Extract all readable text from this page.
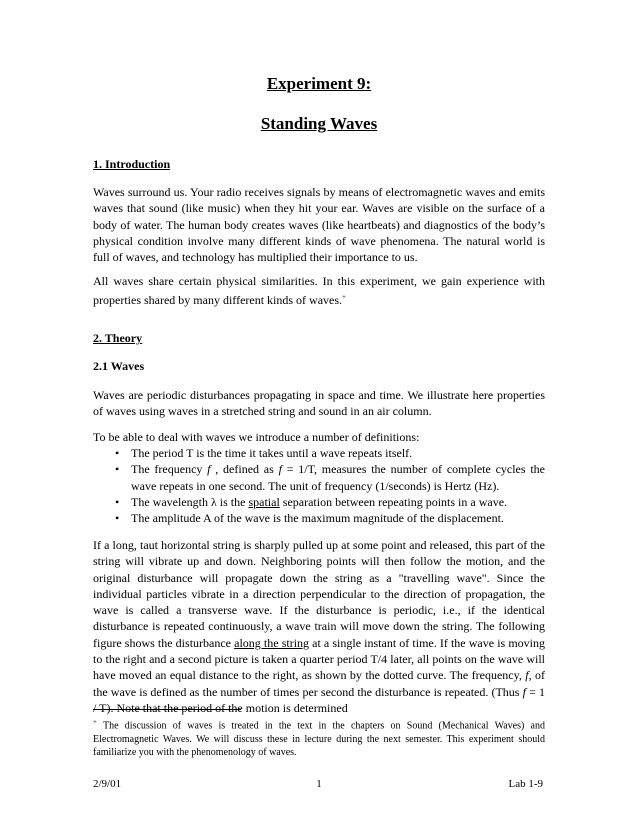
Experiment 9:
Standing Waves
1. Introduction

Waves surround us. Your radio receives signals by means of electromagnetic waves and emits waves that sound (like music) when they hit your ear. Waves are visible on the surface of a body of water. The human body creates waves (like heartbeats) and diagnostics of the body’s physical condition involve many different kinds of wave phenomena. The natural world is full of waves, and technology has multiplied their importance to us.

All waves share certain physical similarities. In this experiment, we gain experience with properties shared by many different kinds of waves.+

2. Theory
2.1 Waves

Waves are periodic disturbances propagating in space and time. We illustrate here properties of waves using waves in a stretched string and sound in an air column.

To be able to deal with waves we introduce a number of definitions:

• The period T is the time it takes until a wave repeats itself.
• The frequency f , defined as f = 1/T, measures the number of complete cycles the wave repeats in one second. The unit of frequency (1/seconds) is Hertz (Hz).
• The wavelength λ is the spatial separation between repeating points in a wave.
• The amplitude A of the wave is the maximum magnitude of the displacement.

If a long, taut horizontal string is sharply pulled up at some point and released, this part of the string will vibrate up and down. Neighboring points will then follow the motion, and the original disturbance will propagate down the string as a "travelling wave". Since the individual particles vibrate in a direction perpendicular to the direction of propagation, the wave is called a transverse wave. If the disturbance is periodic, i.e., if the identical disturbance is repeated continuously, a wave train will move down the string. The following figure shows the disturbance along the string at a single instant of time. If the wave is moving to the right and a second picture is taken a quarter period T/4 later, all points on the wave will have moved an equal distance to the right, as shown by the dotted curve. The frequency, f, of the wave is defined as the number of times per second the disturbance is repeated. (Thus f = 1 / T). Note that the period of the motion is determined

+ The discussion of waves is treated in the text in the chapters on Sound (Mechanical Waves) and Electromagnetic Waves. We will discuss these in lecture during the next semester. This experiment should familiarize you with the phenomenology of waves.

2/9/01	1	Lab 1-9
